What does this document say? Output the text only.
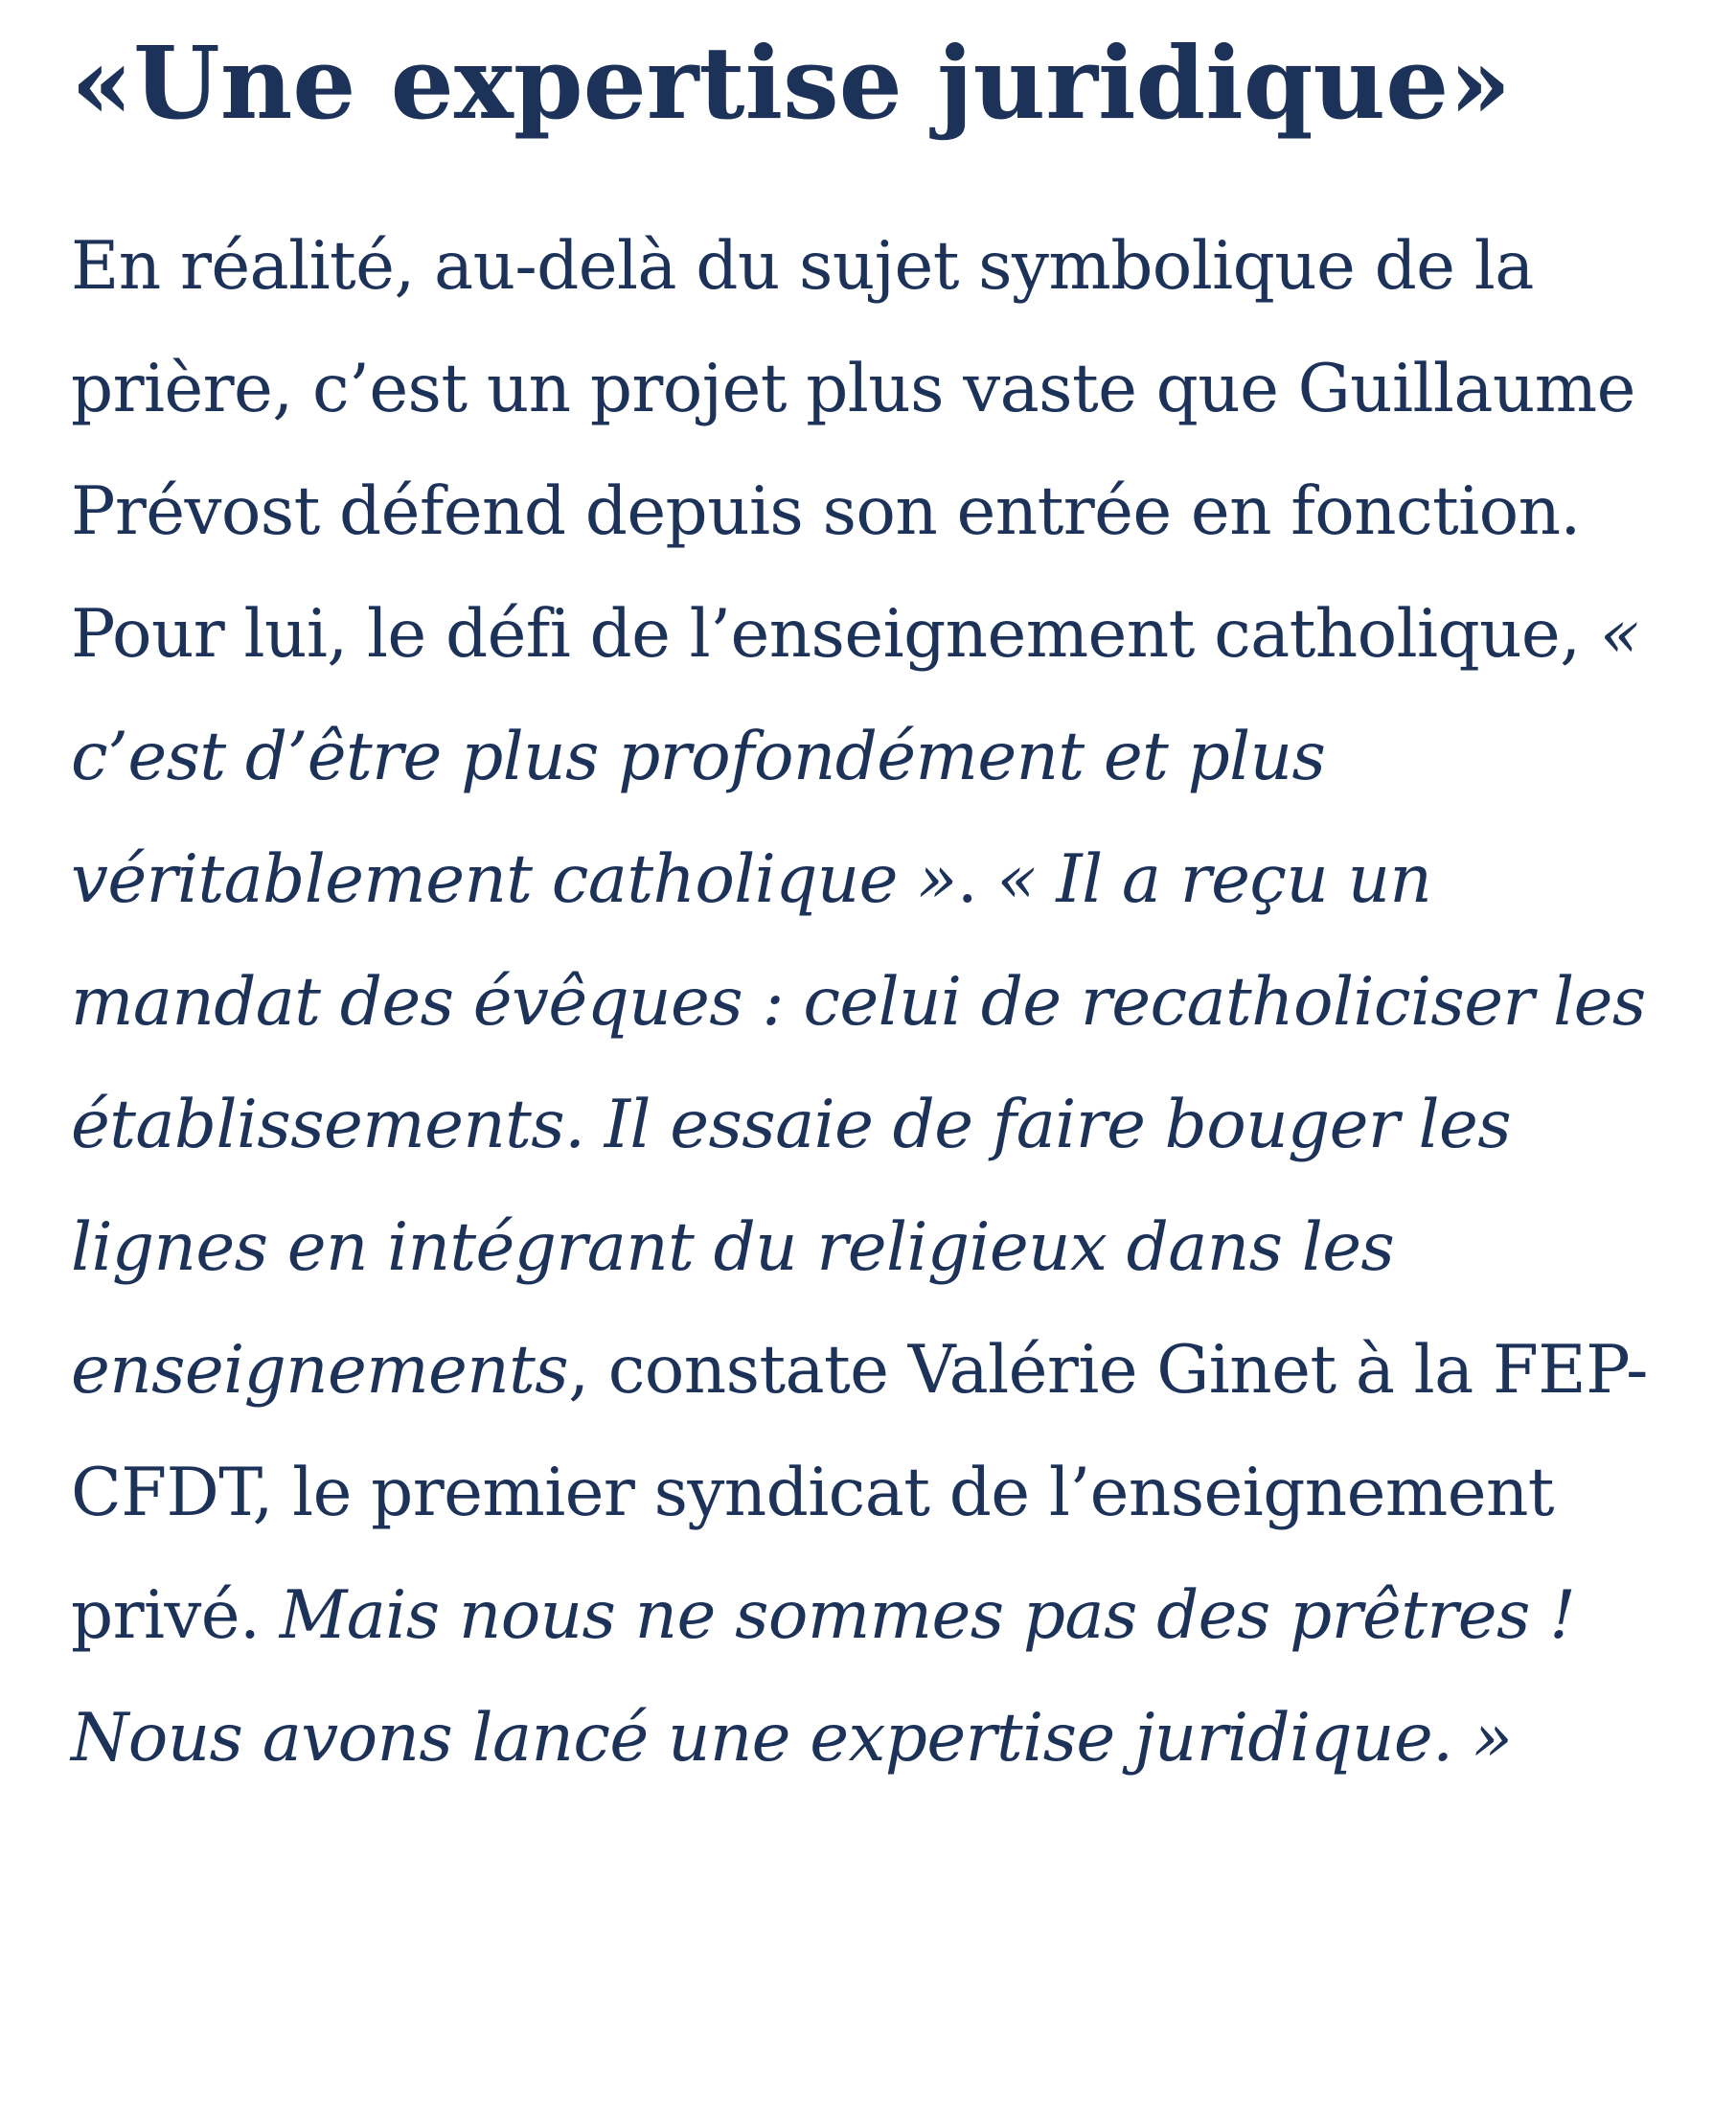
«Une expertise juridique»

En réalité, au-delà du sujet symbolique de la prière, c’est un projet plus vaste que Guillaume Prévost défend depuis son entrée en fonction. Pour lui, le défi de l’enseignement catholique, « c’est d’être plus profondément et plus véritablement catholique ». « Il a reçu un mandat des évêques : celui de recatholiciser les établissements. Il essaie de faire bouger les lignes en intégrant du religieux dans les enseignements, constate Valérie Ginet à la FEP-CFDT, le premier syndicat de l’enseignement privé. Mais nous ne sommes pas des prêtres ! Nous avons lancé une expertise juridique. »
